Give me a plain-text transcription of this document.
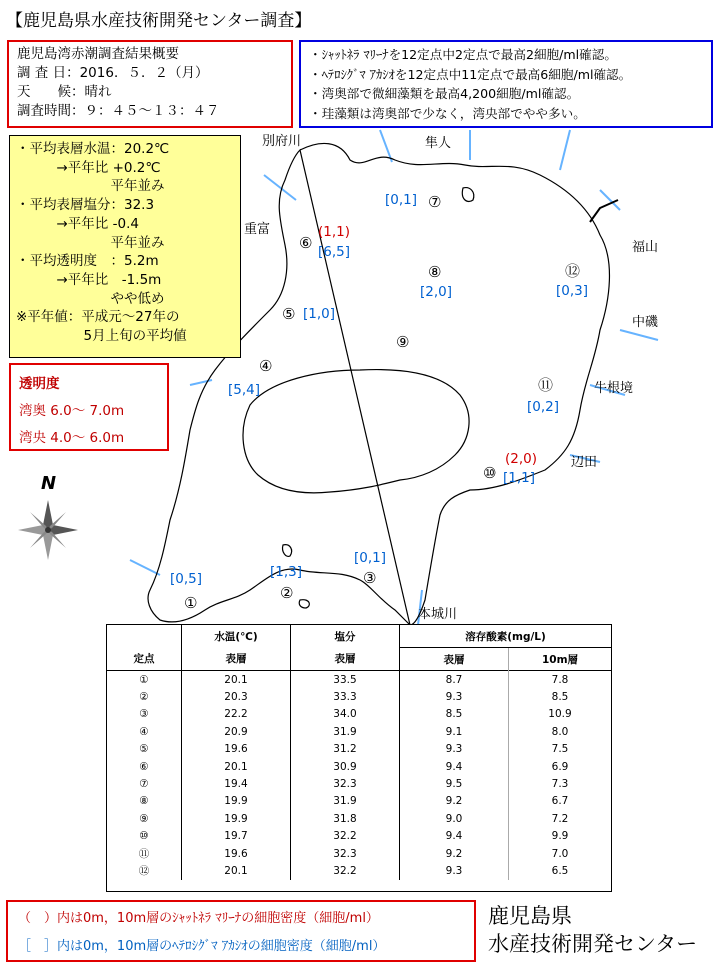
【鹿児島県水産技術開発センター調査】
鹿児島湾赤潮調査結果概要
調 査 日：2016．５．２（月）
天　　候：晴れ
調査時間：９：４５～１３：４７
・ｼｬｯﾄﾈﾗ ﾏﾘｰﾅを12定点中2定点で最高2細胞/ml確認。
・ﾍﾃﾛｼｸﾞﾏ ｱｶｼｵを12定点中11定点で最高6細胞/ml確認。
・湾奥部で微細藻類を最高4,200細胞/ml確認。
・珪藻類は湾奥部で少なく，湾央部でやや多い。
・平均表層水温：20.2℃
　　　→平年比 +0.2℃
　　　　　　　平年並み
・平均表層塩分：32.3
　　　→平年比 -0.4
　　　　　　　平年並み
・平均透明度　：5.2m
　　　→平年比　-1.5m
　　　　　　　やや低め
※平年値：平成元～27年の
　　　　　5月上旬の平均値
透明度
湾奥 6.0～ 7.0m
湾央 4.0～ 6.0m
別府川	隼人
重富
福山
中磯
牛根境
辺田
本城川
N
①
[0,5]
②
[1,3]	③
[0,1]
④
[5,4]
⑤ [1,0]
⑥
(1,1)
[6,5]
⑦
[0,1]
⑧
[2,0]
⑨
⑩
(2,0)
[1,1]
⑪
[0,2]
⑫
[0,3]
	水温(℃)	塩分	溶存酸素(mg/L)	
定点	表層	表層	表層	10m層
①	20.1	33.5	8.7	7.8
②	20.3	33.3	9.3	8.5
③	22.2	34.0	8.5	10.9
④	20.9	31.9	9.1	8.0
⑤	19.6	31.2	9.3	7.5
⑥	20.1	30.9	9.4	6.9
⑦	19.4	32.3	9.5	7.3
⑧	19.9	31.9	9.2	6.7
⑨	19.9	31.8	9.0	7.2
⑩	19.7	32.2	9.4	9.9
⑪	19.6	32.3	9.2	7.0
⑫	20.1	32.2	9.3	6.5
（　）内は0m，10m層のｼｬｯﾄﾈﾗ ﾏﾘｰﾅの細胞密度（細胞/ml）
［　］内は0m，10m層のﾍﾃﾛｼｸﾞﾏ ｱｶｼｵの細胞密度（細胞/ml）
鹿児島県
水産技術開発センター
